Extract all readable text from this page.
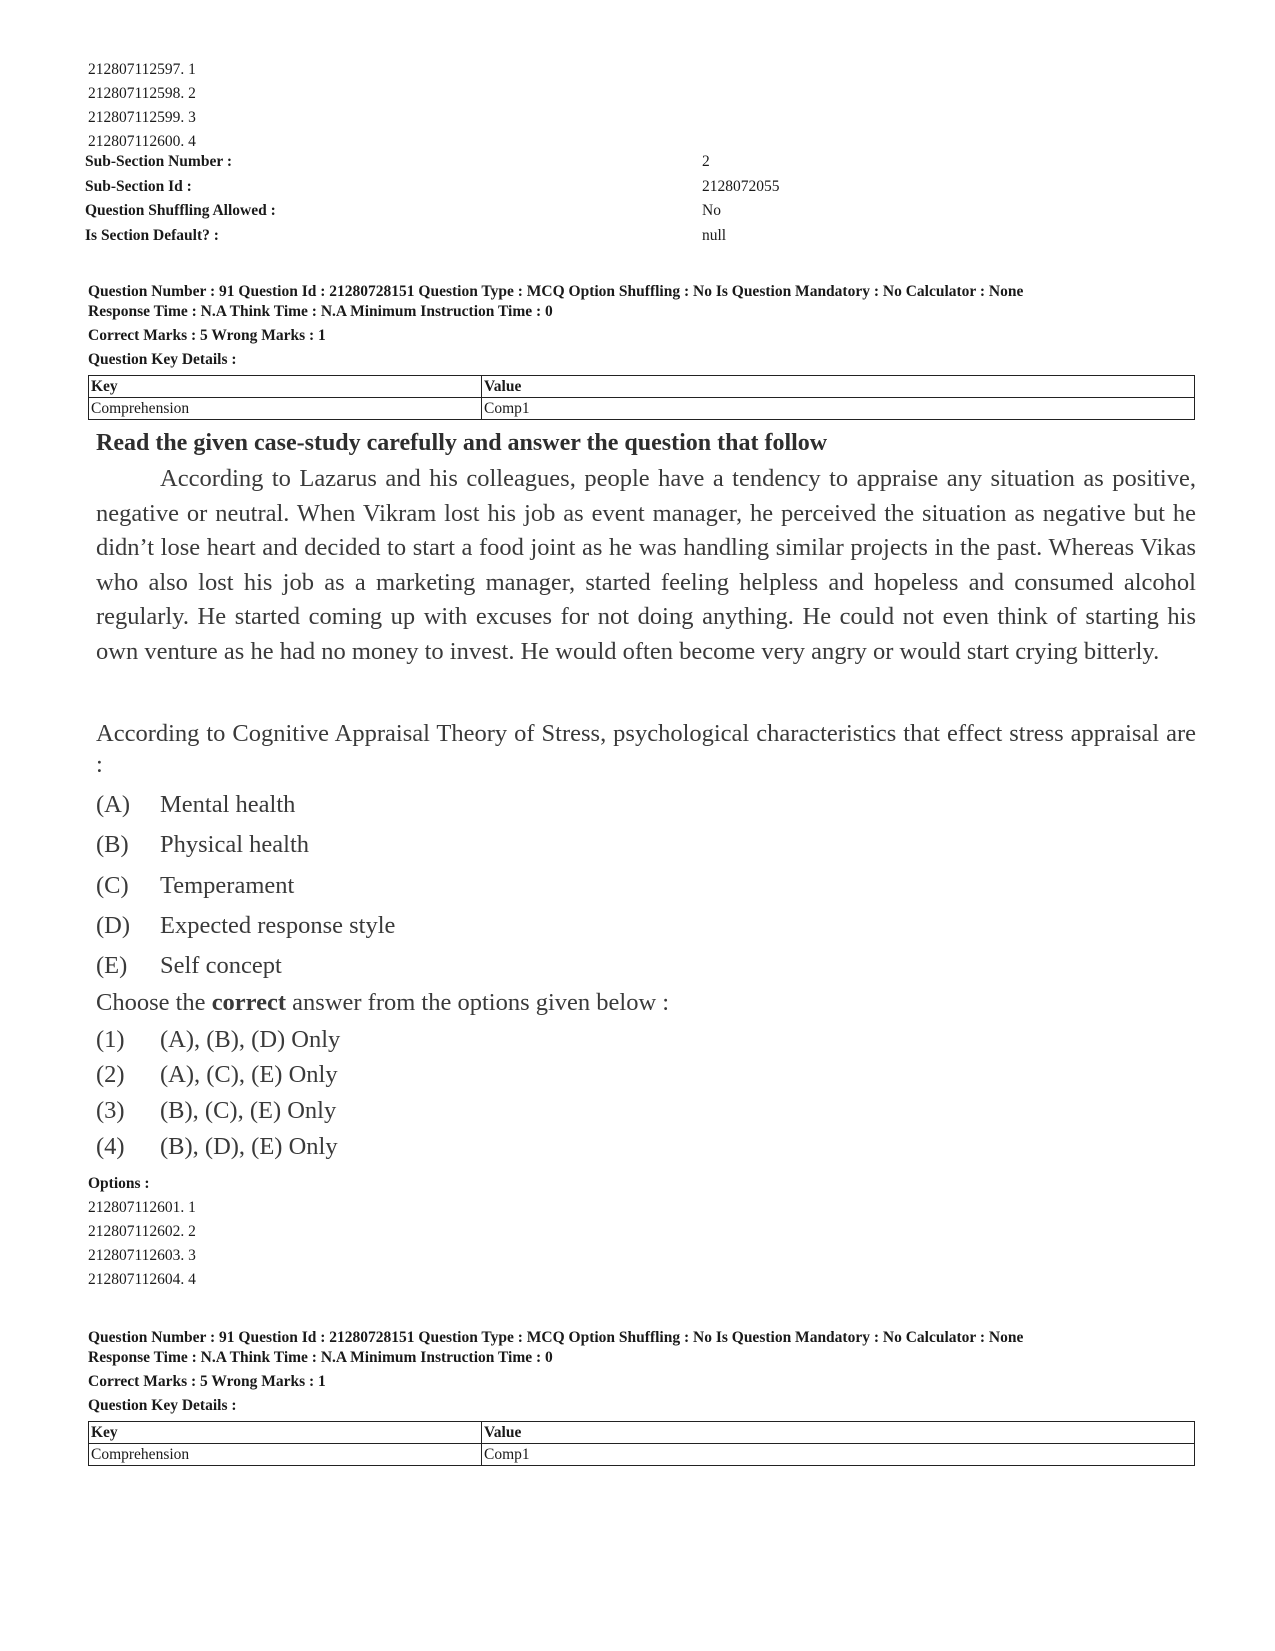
212807112597. 1
212807112598. 2
212807112599. 3
212807112600. 4
Sub-Section Number :	2
Sub-Section Id :	2128072055
Question Shuffling Allowed :	No
Is Section Default? :	null
Question Number : 91 Question Id : 21280728151 Question Type : MCQ Option Shuffling : No Is Question Mandatory : No Calculator : None
Response Time : N.A Think Time : N.A Minimum Instruction Time : 0
Correct Marks : 5 Wrong Marks : 1
Question Key Details :
Key	Value
Comprehension	Comp1
Read the given case-study carefully and answer the question that follow
According to Lazarus and his colleagues, people have a tendency to appraise any situation as positive, negative or neutral. When Vikram lost his job as event manager, he perceived the situation as negative but he didn’t lose heart and decided to start a food joint as he was handling similar projects in the past. Whereas Vikas who also lost his job as a marketing manager, started feeling helpless and hopeless and consumed alcohol regularly. He started coming up with excuses for not doing anything. He could not even think of starting his own venture as he had no money to invest. He would often become very angry or would start crying bitterly.
According to Cognitive Appraisal Theory of Stress, psychological characteristics that effect stress appraisal are :
(A) Mental health
(B) Physical health
(C) Temperament
(D) Expected response style
(E) Self concept
Choose the correct answer from the options given below :
(1) (A), (B), (D) Only
(2) (A), (C), (E) Only
(3) (B), (C), (E) Only
(4) (B), (D), (E) Only
Options :
212807112601. 1
212807112602. 2
212807112603. 3
212807112604. 4
Question Number : 91 Question Id : 21280728151 Question Type : MCQ Option Shuffling : No Is Question Mandatory : No Calculator : None
Response Time : N.A Think Time : N.A Minimum Instruction Time : 0
Correct Marks : 5 Wrong Marks : 1
Question Key Details :
Key	Value
Comprehension	Comp1
